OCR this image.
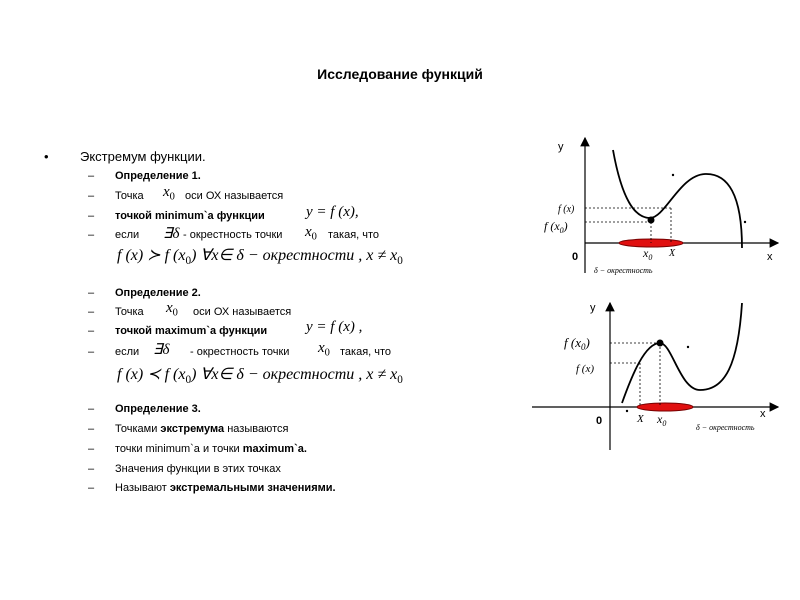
Исследование функций
• Экстремум функции.
– Определение 1.
– Точка $x_0$ оси ОХ называется
– точкой minimum`а функции	y = f (x),
– если ∃δ - окрестность точки $x_0$ такая, что
f (x) ≻ f $(x_0)$ ∀x∈ δ − окрестности , $x \ne x_0$
– Определение 2.
– Точка $x_0$ оси ОХ называется
– точкой maximum`а функции	y = f (x) ,
– если ∃δ - окрестность точки $x_0$ такая, что
f (x) ≺ f $(x_0)$ ∀x∈ δ − окрестности , $x \ne x_0$
– Определение 3.
– Точками экстремума называются
– точки minimum`а и точки maximum`а.
– Значения функции в этих точках
– Называют экстремальными значениями.
y
x
0
f (x)
f $(x_0)$
$x_0$ X
δ − окрестность
y
x
0
f $(x_0)$
f (x)
X $x_0$	δ − окрестность
